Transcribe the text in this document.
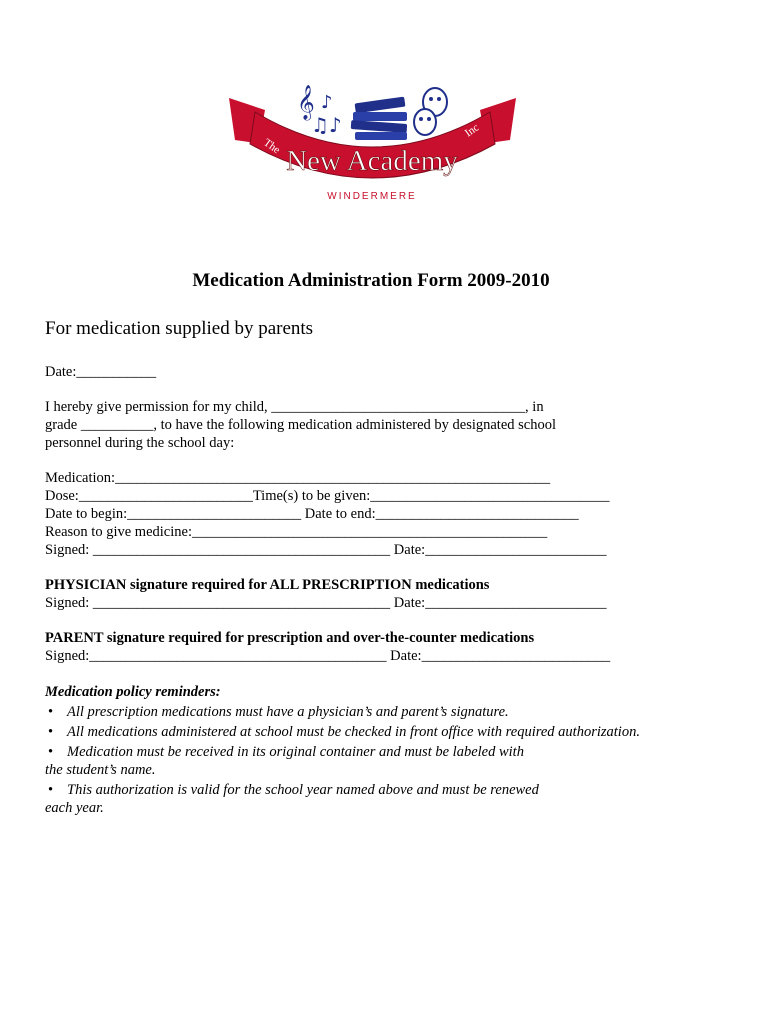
𝄞 ♪
♫♪
The New Academy
Inc
WINDERMERE
Medication Administration Form 2009-2010
For medication supplied by parents
Date:___________
I hereby give permission for my child, ___________________________________, in
grade __________, to have the following medication administered by designated school
personnel during the school day:
Medication:____________________________________________________________
Dose:________________________Time(s) to be given:_________________________________
Date to begin:________________________ Date to end:____________________________
Reason to give medicine:_________________________________________________
Signed: _________________________________________ Date:_________________________
PHYSICIAN signature required for ALL PRESCRIPTION medications
Signed: _________________________________________ Date:_________________________
PARENT signature required for prescription and over-the-counter medications
Signed:_________________________________________ Date:__________________________
Medication policy reminders:
• All prescription medications must have a physician’s and parent’s signature.
• All medications administered at school must be checked in front office with required authorization.
• Medication must be received in its original container and must be labeled with
the student’s name.
• This authorization is valid for the school year named above and must be renewed
each year.
